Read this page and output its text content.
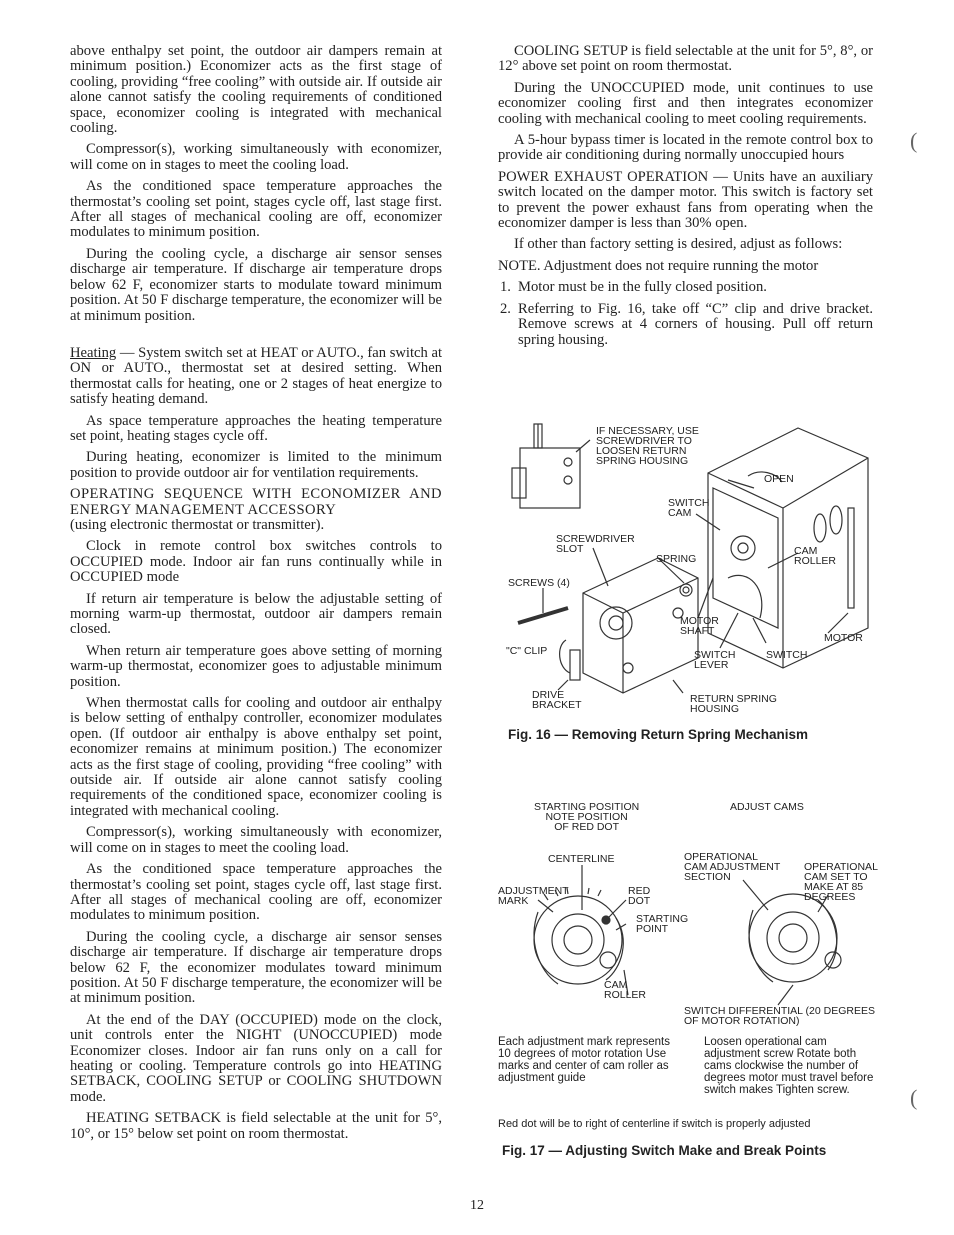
above enthalpy set point, the outdoor air dampers remain at minimum position.) Economizer acts as the first stage of cooling, providing “free cooling” with outside air. If outside air alone cannot satisfy the cooling requirements of conditioned space, economizer cooling is integrated with mechanical cooling.

Compressor(s), working simultaneously with economizer, will come on in stages to meet the cooling load.

As the conditioned space temperature approaches the thermostat’s cooling set point, stages cycle off, last stage first. After all stages of mechanical cooling are off, economizer modulates to minimum position.

During the cooling cycle, a discharge air sensor senses discharge air temperature. If discharge air temperature drops below 62 F, economizer starts to modulate toward minimum position. At 50 F discharge temperature, the economizer will be at minimum position.

Heating — System switch set at HEAT or AUTO., fan switch at ON or AUTO., thermostat set at desired setting. When thermostat calls for heating, one or 2 stages of heat energize to satisfy heating demand.

As space temperature approaches the heating temperature set point, heating stages cycle off.

During heating, economizer is limited to the minimum position to provide outdoor air for ventilation requirements.

OPERATING SEQUENCE WITH ECONOMIZER AND ENERGY MANAGEMENT ACCESSORY

(using electronic thermostat or transmitter).

Clock in remote control box switches controls to OCCUPIED mode. Indoor air fan runs continually while in OCCUPIED mode

If return air temperature is below the adjustable setting of morning warm-up thermostat, outdoor air dampers remain closed.

When return air temperature goes above setting of morning warm-up thermostat, economizer goes to adjustable minimum position.

When thermostat calls for cooling and outdoor air enthalpy is below setting of enthalpy controller, economizer modulates open. (If outdoor air enthalpy is above enthalpy set point, economizer remains at minimum position.) The economizer acts as the first stage of cooling, providing “free cooling” with outside air. If outside air alone cannot satisfy cooling requirements of the conditioned space, economizer cooling is integrated with mechanical cooling.

Compressor(s), working simultaneously with economizer, will come on in stages to meet the cooling load.

As the conditioned space temperature approaches the thermostat’s cooling set point, stages cycle off, last stage first. After all stages of mechanical cooling are off, economizer modulates to minimum position.

During the cooling cycle, a discharge air sensor senses discharge air temperature. If discharge air temperature drops below 62 F, the economizer modulates toward minimum position. At 50 F discharge temperature, the economizer will be at minimum position.

At the end of the DAY (OCCUPIED) mode on the clock, unit controls enter the NIGHT (UNOCCUPIED) mode Economizer closes. Indoor air fan runs only on a call for heating or cooling. Temperature controls go into HEATING SETBACK, COOLING SETUP or COOLING SHUTDOWN mode.

HEATING SETBACK is field selectable at the unit for 5°, 10°, or 15° below set point on room thermostat.

COOLING SETUP is field selectable at the unit for 5°, 8°, or 12° above set point on room thermostat.

During the UNOCCUPIED mode, unit continues to use economizer cooling first and then integrates economizer cooling with mechanical cooling to meet cooling requirements.

A 5-hour bypass timer is located in the remote control box to provide air conditioning during normally unoccupied hours

POWER EXHAUST OPERATION — Units have an auxiliary switch located on the damper motor. This switch is factory set to prevent the power exhaust fans from operating when the economizer damper is less than 30% open.

If other than factory setting is desired, adjust as follows:

NOTE. Adjustment does not require running the motor

1. Motor must be in the fully closed position.
2. Referring to Fig. 16, take off “C” clip and drive bracket. Remove screws at 4 corners of housing. Pull off return spring housing.
IF NECESSARY, USE
SCREWDRIVER TO
LOOSEN RETURN
SPRING HOUSING
OPEN
SWITCH
CAM
SCREWDRIVER
SLOT
SPRING
CAM
ROLLER
SCREWS (4)
MOTOR
SHAFT
MOTOR
"C" CLIP	SWITCH
LEVER
SWITCH
DRIVE
BRACKET	RETURN SPRING
HOUSING
Fig. 16 — Removing Return Spring Mechanism
STARTING POSITION
NOTE POSITION
OF RED DOT
ADJUST CAMS
CENTERLINE
ADJUSTMENT
MARK
RED
DOT
STARTING
POINT
CAM
ROLLER
OPERATIONAL
CAM ADJUSTMENT
SECTION
OPERATIONAL
CAM SET TO
MAKE AT 85
DEGREES
SWITCH DIFFERENTIAL (20 DEGREES
OF MOTOR ROTATION)
Each adjustment mark represents 10 degrees of motor rotation Use marks and center of cam roller as adjustment guide
Loosen operational cam adjustment screw Rotate both cams clockwise the number of degrees motor must travel before switch makes Tighten screw.
Red dot will be to right of centerline if switch is properly adjusted
Fig. 17 — Adjusting Switch Make and Break Points
(
(
12
